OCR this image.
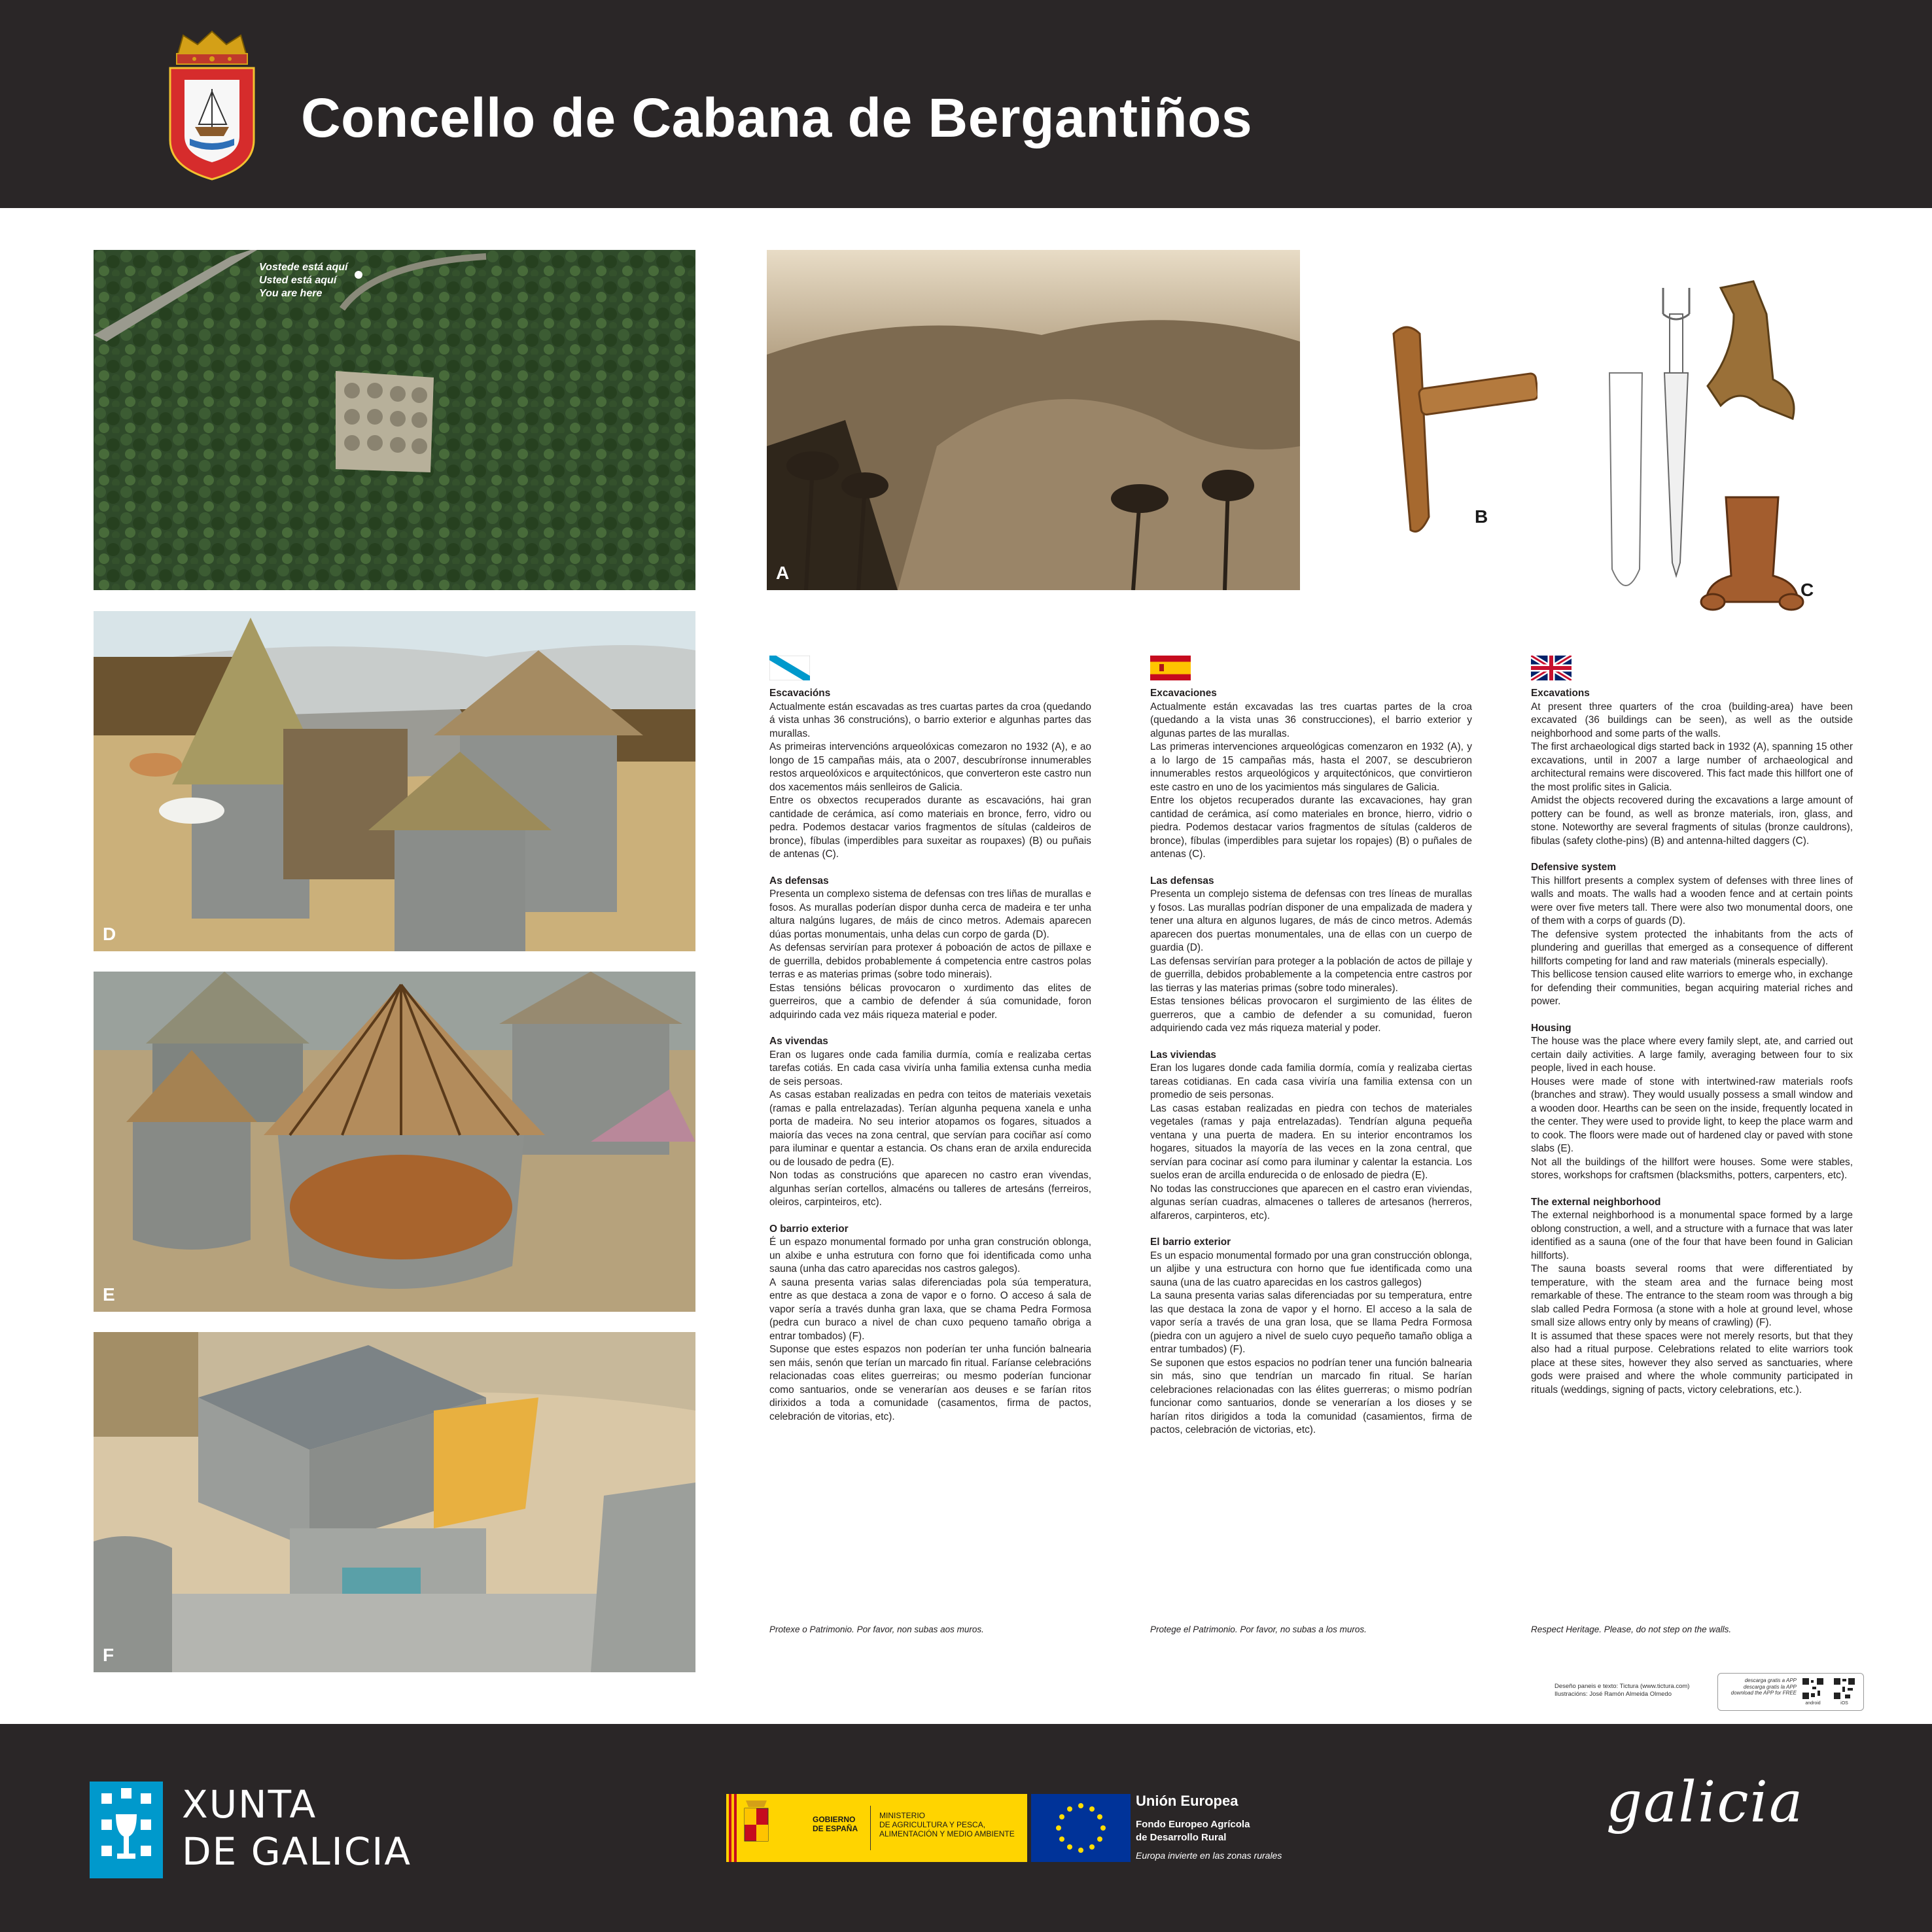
Concello de Cabana de Bergantiños
Vostede está aquí
Usted está aquí
You are here
A
B
C
D
E
F
Escavacións

Actualmente están escavadas as tres cuartas partes da croa (quedando á vista unhas 36 construcións), o barrio exterior e algunhas partes das murallas.

As primeiras intervencións arqueolóxicas comezaron no 1932 (A), e ao longo de 15 campañas máis, ata o 2007, descubríronse innumerables restos arqueolóxicos e arquitectónicos, que converteron este castro nun dos xacementos máis senlleiros de Galicia.

Entre os obxectos recuperados durante as escavacións, hai gran cantidade de cerámica, así como materiais en bronce, ferro, vidro ou pedra. Podemos destacar varios fragmentos de sítulas (caldeiros de bronce), fíbulas (imperdibles para suxeitar as roupaxes) (B) ou puñais de antenas (C).

As defensas

Presenta un complexo sistema de defensas con tres liñas de murallas e fosos. As murallas poderían dispor dunha cerca de madeira e ter unha altura nalgúns lugares, de máis de cinco metros. Ademais aparecen dúas portas monumentais, unha delas cun corpo de garda (D).

As defensas servirían para protexer á poboación de actos de pillaxe e de guerrilla, debidos probablemente á competencia entre castros polas terras e as materias primas (sobre todo minerais).

Estas tensións bélicas provocaron o xurdimento das elites de guerreiros, que a cambio de defender á súa comunidade, foron adquirindo cada vez máis riqueza material e poder.

As vivendas

Eran os lugares onde cada familia durmía, comía e realizaba certas tarefas cotiás. En cada casa viviría unha familia extensa cunha media de seis persoas.

As casas estaban realizadas en pedra con teitos de materiais vexetais (ramas e palla entrelazadas). Terían algunha pequena xanela e unha porta de madeira. No seu interior atopamos os fogares, situados a maioría das veces na zona central, que servían para cociñar así como para iluminar e quentar a estancia. Os chans eran de arxila endurecida ou de lousado de pedra (E).

Non todas as construcións que aparecen no castro eran vivendas, algunhas serían cortellos, almacéns ou talleres de artesáns (ferreiros, oleiros, carpinteiros, etc).

O barrio exterior

É un espazo monumental formado por unha gran construción oblonga, un alxibe e unha estrutura con forno que foi identificada como unha sauna (unha das catro aparecidas nos castros galegos).

A sauna presenta varias salas diferenciadas pola súa temperatura, entre as que destaca a zona de vapor e o forno. O acceso á sala de vapor sería a través dunha gran laxa, que se chama Pedra Formosa (pedra cun buraco a nivel de chan cuxo pequeno tamaño obriga a entrar tombados) (F).

Suponse que estes espazos non poderían ter unha función balnearia sen máis, senón que terían un marcado fin ritual. Faríanse celebracións relacionadas coas elites guerreiras; ou mesmo poderían funcionar como santuarios, onde se venerarían aos deuses e se farían ritos dirixidos a toda a comunidade (casamentos, firma de pactos, celebración de vitorias, etc).

Protexe o Patrimonio. Por favor, non subas aos muros.
Excavaciones

Actualmente están excavadas las tres cuartas partes de la croa (quedando a la vista unas 36 construcciones), el barrio exterior y algunas partes de las murallas.

Las primeras intervenciones arqueológicas comenzaron en 1932 (A), y a lo largo de 15 campañas más, hasta el 2007, se descubrieron innumerables restos arqueológicos y arquitectónicos, que convirtieron este castro en uno de los yacimientos más singulares de Galicia.

Entre los objetos recuperados durante las excavaciones, hay gran cantidad de cerámica, así como materiales en bronce, hierro, vidrio o piedra. Podemos destacar varios fragmentos de sítulas (calderos de bronce), fíbulas (imperdibles para sujetar los ropajes) (B) o puñales de antenas (C).

Las defensas

Presenta un complejo sistema de defensas con tres líneas de murallas y fosos. Las murallas podrían disponer de una empalizada de madera y tener una altura en algunos lugares, de más de cinco metros. Además aparecen dos puertas monumentales, una de ellas con un cuerpo de guardia (D).

Las defensas servirían para proteger a la población de actos de pillaje y de guerrilla, debidos probablemente a la competencia entre castros por las tierras y las materias primas (sobre todo minerales).

Estas tensiones bélicas provocaron el surgimiento de las élites de guerreros, que a cambio de defender a su comunidad, fueron adquiriendo cada vez más riqueza material y poder.

Las viviendas

Eran los lugares donde cada familia dormía, comía y realizaba ciertas tareas cotidianas. En cada casa viviría una familia extensa con un promedio de seis personas.

Las casas estaban realizadas en piedra con techos de materiales vegetales (ramas y paja entrelazadas). Tendrían alguna pequeña ventana y una puerta de madera. En su interior encontramos los hogares, situados la mayoría de las veces en la zona central, que servían para cocinar así como para iluminar y calentar la estancia. Los suelos eran de arcilla endurecida o de enlosado de piedra (E).

No todas las construcciones que aparecen en el castro eran viviendas, algunas serían cuadras, almacenes o talleres de artesanos (herreros, alfareros, carpinteros, etc).

El barrio exterior

Es un espacio monumental formado por una gran construcción oblonga, un aljibe y una estructura con horno que fue identificada como una sauna (una de las cuatro aparecidas en los castros gallegos)

La sauna presenta varias salas diferenciadas por su temperatura, entre las que destaca la zona de vapor y el horno. El acceso a la sala de vapor sería a través de una gran losa, que se llama Pedra Formosa (piedra con un agujero a nivel de suelo cuyo pequeño tamaño obliga a entrar tumbados) (F).

Se suponen que estos espacios no podrían tener una función balnearia sin más, sino que tendrían un marcado fin ritual. Se harían celebraciones relacionadas con las élites guerreras; o mismo podrían funcionar como santuarios, donde se venerarían a los dioses y se harían ritos dirigidos a toda la comunidad (casamientos, firma de pactos, celebración de victorias, etc).

Protege el Patrimonio. Por favor, no subas a los muros.
Excavations

At present three quarters of the croa (building-area) have been excavated (36 buildings can be seen), as well as the outside neighborhood and some parts of the walls.

The first archaeological digs started back in 1932 (A), spanning 15 other excavations, until in 2007 a large number of archaeological and architectural remains were discovered. This fact made this hillfort one of the most prolific sites in Galicia.

Amidst the objects recovered during the excavations a large amount of pottery can be found, as well as bronze materials, iron, glass, and stone. Noteworthy are several fragments of situlas (bronze cauldrons), fibulas (safety clothe-pins) (B) and antenna-hilted daggers (C).

Defensive system

This hillfort presents a complex system of defenses with three lines of walls and moats. The walls had a wooden fence and at certain points were over five meters tall. There were also two monumental doors, one of them with a corps of guards (D).

The defensive system protected the inhabitants from the acts of plundering and guerillas that emerged as a consequence of different hillforts competing for land and raw materials (minerals especially).

This bellicose tension caused elite warriors to emerge who, in exchange for defending their communities, began acquiring material riches and power.

Housing

The house was the place where every family slept, ate, and carried out certain daily activities. A large family, averaging between four to six people, lived in each house.

Houses were made of stone with intertwined-raw materials roofs (branches and straw). They would usually possess a small window and a wooden door. Hearths can be seen on the inside, frequently located in the center. They were used to provide light, to keep the place warm and to cook. The floors were made out of hardened clay or paved with stone slabs (E).

Not all the buildings of the hillfort were houses. Some were stables, stores, workshops for craftsmen (blacksmiths, potters, carpenters, etc).

The external neighborhood

The external neighborhood is a monumental space formed by a large oblong construction, a well, and a structure with a furnace that was later identified as a sauna (one of the four that have been found in Galician hillforts).

The sauna boasts several rooms that were differentiated by temperature, with the steam area and the furnace being most remarkable of these. The entrance to the steam room was through a big slab called Pedra Formosa (a stone with a hole at ground level, whose small size allows entry only by means of crawling) (F).

It is assumed that these spaces were not merely resorts, but that they also had a ritual purpose. Celebrations related to elite warriors took place at these sites, however they also served as sanctuaries, where gods were praised and where the whole community participated in rituals (weddings, signing of pacts, victory celebrations, etc.).

Respect Heritage. Please, do not step on the walls.
Deseño paneis e texto: Tictura (www.tictura.com)
Ilustracións: José Ramón Almeida Olmedo
descarga gratis a APP
descarga gratis la APP
download the APP for FREE
android	iOS
XUNTA
DE GALICIA
GOBIERNO
DE ESPAÑA
MINISTERIO
DE AGRICULTURA Y PESCA,
ALIMENTACIÓN Y MEDIO AMBIENTE
Unión Europea
Fondo Europeo Agrícola
de Desarrollo Rural
Europa invierte en las zonas rurales
galicia
